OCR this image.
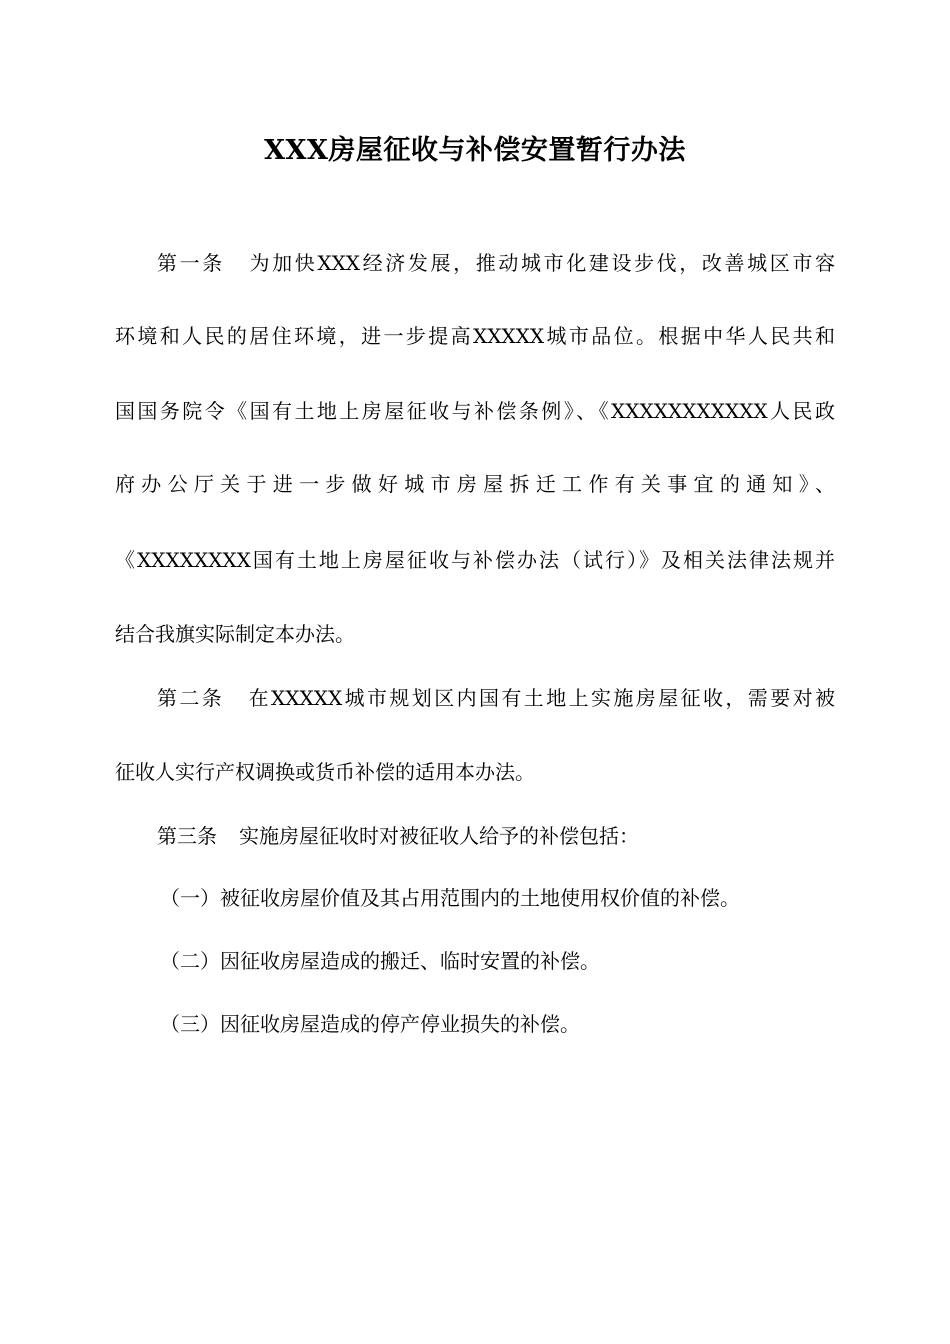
XXX房屋征收与补偿安置暂行办法
第一条 为加快XXX经济发展，推动城市化建设步伐，改善城区市容
环境和人民的居住环境，进一步提高XXXXX城市品位。根据中华人民共和
国国务院令《国有土地上房屋征收与补偿条例》、《XXXXXXXXXXX人民政
府办公厅关于进一步做好城市房屋拆迁工作有关事宜的通知》、
《XXXXXXXX国有土地上房屋征收与补偿办法（试行）》及相关法律法规并
结合我旗实际制定本办法。
第二条 在XXXXX城市规划区内国有土地上实施房屋征收，需要对被
征收人实行产权调换或货币补偿的适用本办法。
第三条 实施房屋征收时对被征收人给予的补偿包括：
（一）被征收房屋价值及其占用范围内的土地使用权价值的补偿。
（二）因征收房屋造成的搬迁、临时安置的补偿。
（三）因征收房屋造成的停产停业损失的补偿。
